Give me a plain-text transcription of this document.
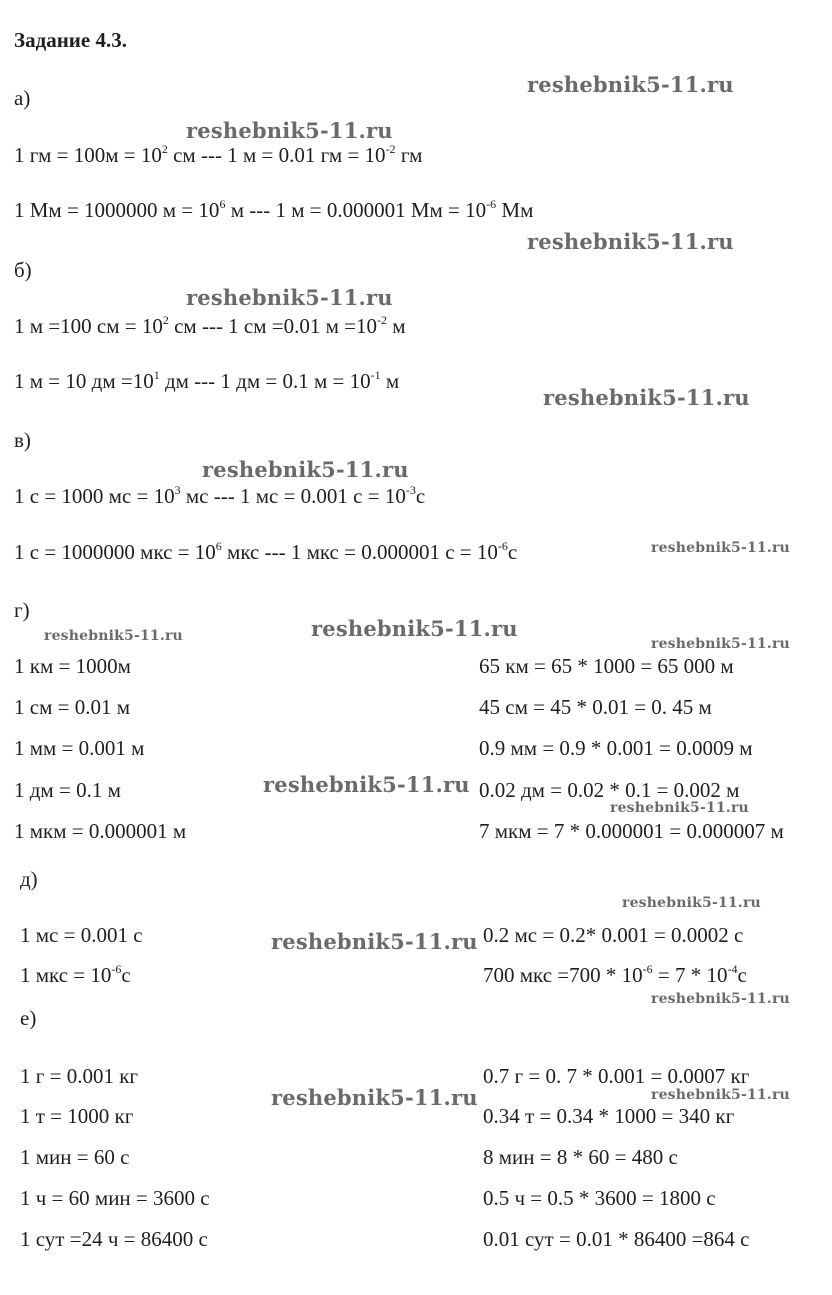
Задание 4.3.
reshebnik5-11.ru
reshebnik5-11.ru
reshebnik5-11.ru
reshebnik5-11.ru
reshebnik5-11.ru
reshebnik5-11.ru
reshebnik5-11.ru
reshebnik5-11.ru	reshebnik5-11.ru
reshebnik5-11.ru
reshebnik5-11.ru
reshebnik5-11.ru
reshebnik5-11.ru
reshebnik5-11.ru
reshebnik5-11.ru
reshebnik5-11.ru	reshebnik5-11.ru
а)
1 гм = $100м = 10^2$ см --- 1 м = 0.01 гм = $10^{-2}$ гм
1 Мм = 1000000 $м = 10^6$ м --- 1 м = 0.000001 Мм = $10^{-6}$ Мм
б)
1 м =100 см = $10^2$ см --- 1 см =0.01 $м =10^{-2}$ м
1 м = 10 дм $=10^1$ дм --- 1 дм = 0.1 $м = 10^{-1}$ м
в)
1 с = 1000 мс = $10^3$ мс --- 1 мс = 0.001 $с = 10^{-3}с$
1 с = 1000000 мкс = $10^6$ мкс --- 1 мкс = 0.000001 $с = 10^{-6}с$
г)
1 км = 1000м	65 км = 65 * 1000 = 65 000 м
1 см = 0.01 м	45 см = 45 * 0.01 = 0. 45 м
1 мм = 0.001 м	0.9 мм = 0.9 * 0.001 = 0.0009 м
1 дм = 0.1 м	0.02 дм = 0.02 * 0.1 = 0.002 м
1 мкм = 0.000001 м	7 мкм = 7 * 0.000001 = 0.000007 м
д)
1 мс = 0.001 с	0.2 мс = 0.2* 0.001 = 0.0002 с
1 мкс = $10^{-6}с$	700 мкс $=700 * 10^{-6} = 7 * 10^{-4}с$
е)
1 г = 0.001 кг	0.7 г = 0. 7 * 0.001 = 0.0007 кг
1 т = 1000 кг	0.34 т = 0.34 * 1000 = 340 кг
1 мин = 60 с	8 мин = 8 * 60 = 480 с
1 ч = 60 мин = 3600 с	0.5 ч = 0.5 * 3600 = 1800 с
1 сут =24 ч = 86400 с	0.01 сут = 0.01 * 86400 =864 с
